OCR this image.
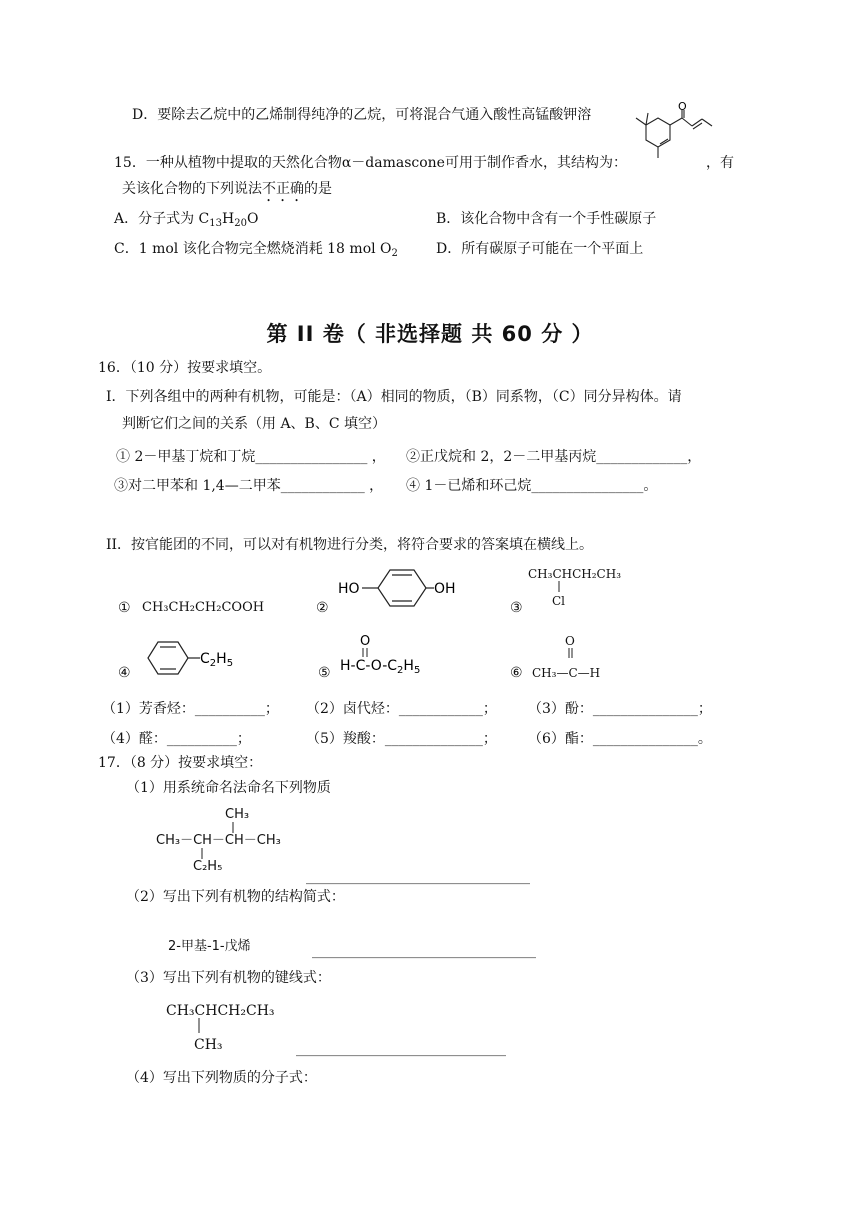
D．要除去乙烷中的乙烯制得纯净的乙烷，可将混合气通入酸性高锰酸钾溶
O
15．一种从植物中提取的天然化合物α－damascone可用于制作香水，其结构为：	，有
关该化合物的下列说法不正确的是
A．分子式为 $C_{13}H_{20}O$	B．该化合物中含有一个手性碳原子
C．1 mol 该化合物完全燃烧消耗 18 mol $O_2$	D．所有碳原子可能在一个平面上
第 II 卷（ 非选择题 共 60 分 ）
16．（10 分）按要求填空。
I．下列各组中的两种有机物，可能是：（A）相同的物质，（B）同系物，（C）同分异构体。请
判断它们之间的关系（用 A、B、C 填空）
① 2－甲基丁烷和丁烷________________ ， ②正戊烷和 2，2－二甲基丙烷_____________，
③对二甲苯和 1,4—二甲苯____________ ， ④ 1－已烯和环己烷________________。
II．按官能团的不同，可以对有机物进行分类，将符合要求的答案填在横线上。
① CH₃CH₂CH₂COOH	②
HO	OH
③
CH₃CHCH₂CH₃
Cl
④
$C_2H_5$
⑤
O
$H-C-O-C_2H_5$	⑥
O
CH₃—C—H
（1）芳香烃：__________； （2）卤代烃：____________； （3）酚：_______________；
（4）醛：__________；	（5）羧酸：______________； （6）酯：_______________。
17．（8 分）按要求填空：
（1）用系统命名法命名下列物质
CH₃
CH₃－CH－CH－CH₃
C₂H₅
________________________________
（2）写出下列有机物的结构简式：
2-甲基-1-戊烯	________________________________
（3）写出下列有机物的键线式：
CH₃CHCH₂CH₃
CH₃	______________________________
（4）写出下列物质的分子式：
